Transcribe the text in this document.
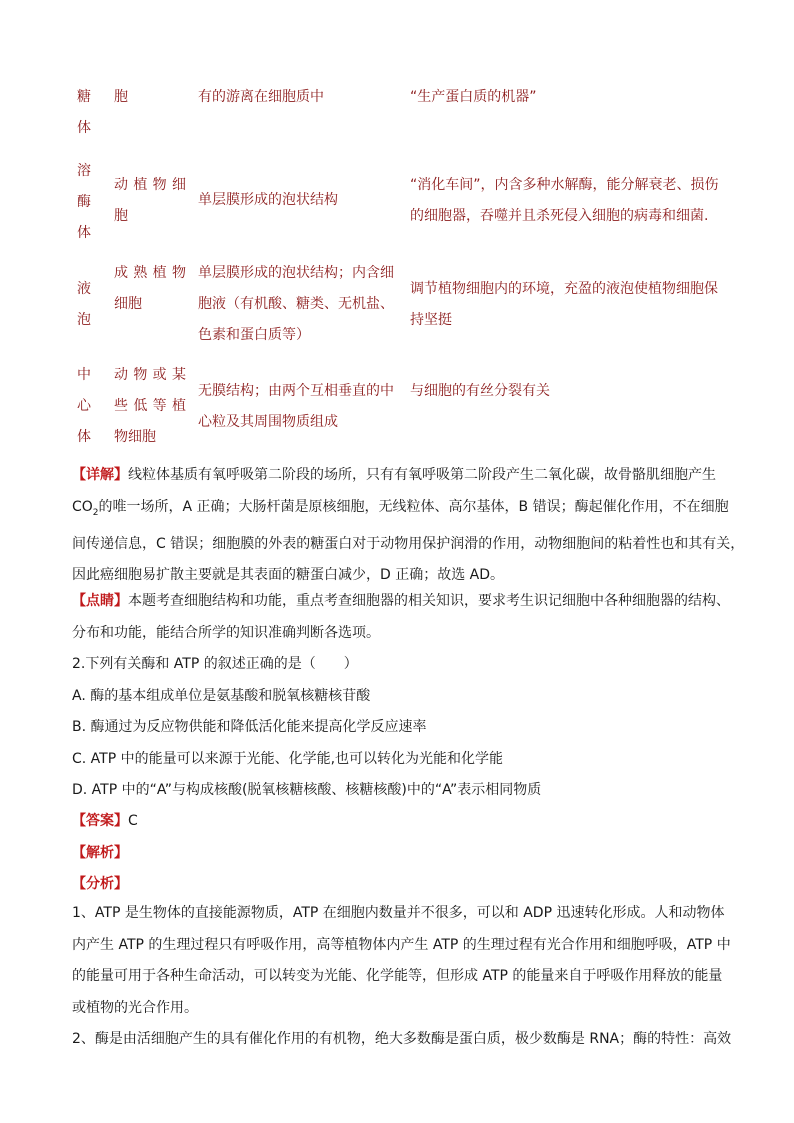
糖
体
胞	有的游离在细胞质中	“生产蛋白质的机器”
溶
酶
体
动植物细
胞
单层膜形成的泡状结构
“消化车间”，内含多种水解酶，能分解衰老、损伤
的细胞器，吞噬并且杀死侵入细胞的病毒和细菌.
液
泡
成熟植物
细胞
单层膜形成的泡状结构；内含细
胞液（有机酸、糖类、无机盐、
色素和蛋白质等）
调节植物细胞内的环境，充盈的液泡使植物细胞保
持坚挺
中
心
体
动物或某
些低等植
物细胞
无膜结构；由两个互相垂直的中
心粒及其周围物质组成
与细胞的有丝分裂有关
【详解】线粒体基质有氧呼吸第二阶段的场所，只有有氧呼吸第二阶段产生二氧化碳，故骨骼肌细胞产生
$CO_2$的唯一场所，A 正确；大肠杆菌是原核细胞，无线粒体、高尔基体，B 错误；酶起催化作用，不在细胞
间传递信息，C 错误；细胞膜的外表的糖蛋白对于动物用保护润滑的作用，动物细胞间的粘着性也和其有关，
因此癌细胞易扩散主要就是其表面的糖蛋白减少，D 正确；故选 AD。
【点睛】本题考查细胞结构和功能，重点考查细胞器的相关知识，要求考生识记细胞中各种细胞器的结构、
分布和功能，能结合所学的知识准确判断各选项。
2.下列有关酶和 ATP 的叙述正确的是（　　）
A. 酶的基本组成单位是氨基酸和脱氧核糖核苷酸
B. 酶通过为反应物供能和降低活化能来提高化学反应速率
C. ATP 中的能量可以来源于光能、化学能,也可以转化为光能和化学能
D. ATP 中的“A”与构成核酸(脱氧核糖核酸、核糖核酸)中的“A”表示相同物质
【答案】C
【解析】
【分析】
1、ATP 是生物体的直接能源物质，ATP 在细胞内数量并不很多，可以和 ADP 迅速转化形成。人和动物体
内产生 ATP 的生理过程只有呼吸作用，高等植物体内产生 ATP 的生理过程有光合作用和细胞呼吸，ATP 中
的能量可用于各种生命活动，可以转变为光能、化学能等，但形成 ATP 的能量来自于呼吸作用释放的能量
或植物的光合作用。
2、酶是由活细胞产生的具有催化作用的有机物，绝大多数酶是蛋白质，极少数酶是 RNA；酶的特性：高效
